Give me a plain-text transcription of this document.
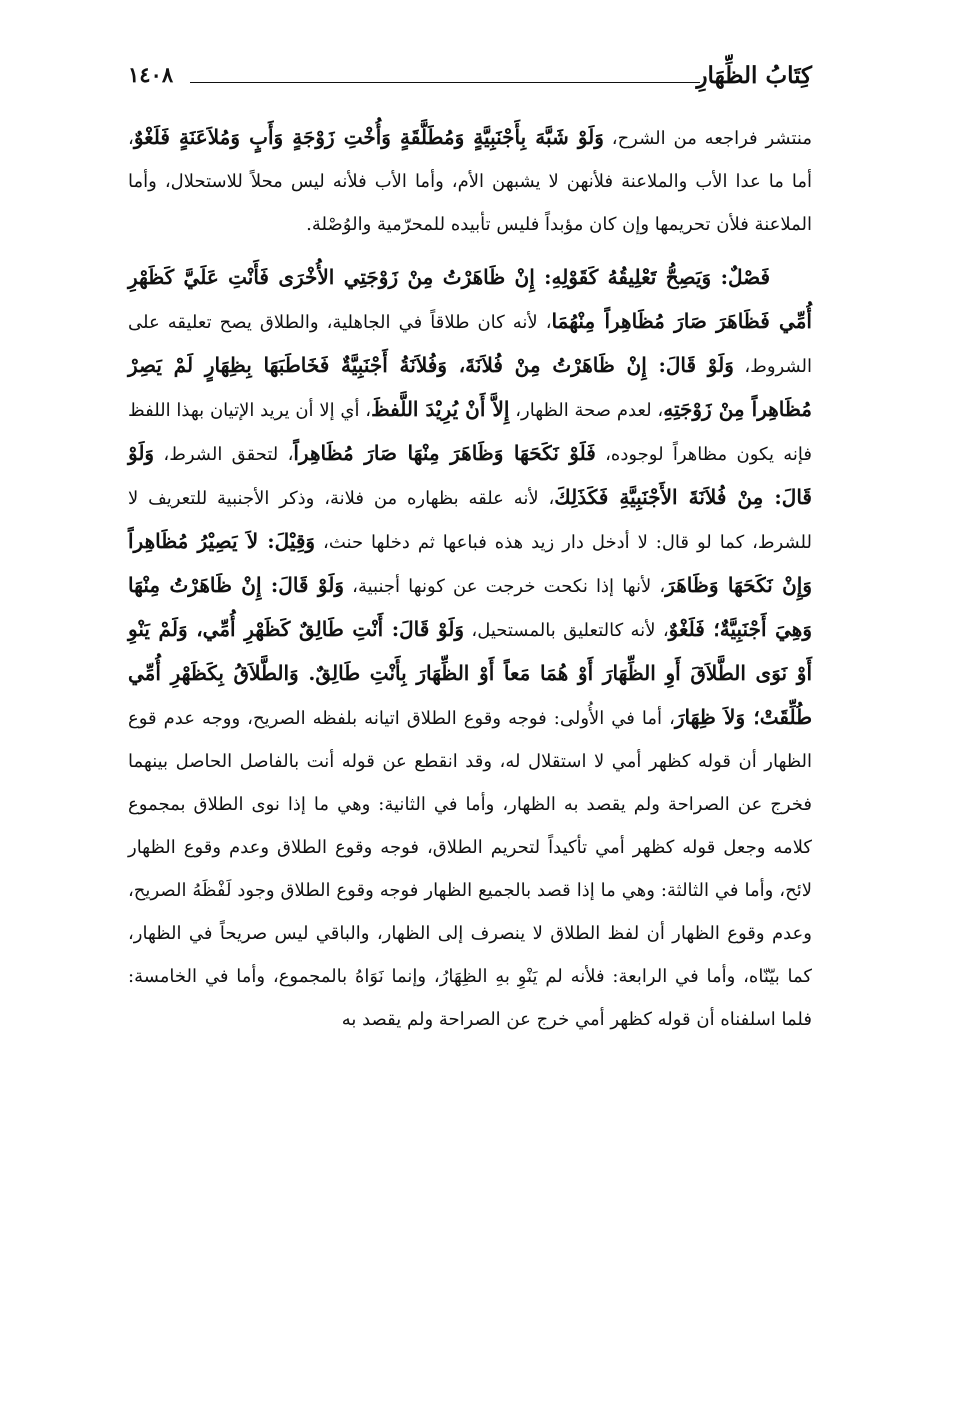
كِتَابُ الظِّهَارِ
١٤٠٨

منتشر فراجعه من الشرح، وَلَوْ شَبَّهَ بِأَجْنَبِيَّةٍ وَمُطَلَّقَةٍ وَأُخْتِ زَوْجَةٍ وَأَبٍ وَمُلاَعَنَةٍ فَلَغْوٌ، أما ما عدا الأب والملاعنة فلأنهن لا يشبهن الأم، وأما الأب فلأنه ليس محلاً للاستحلال، وأما الملاعنة فلأن تحريمها وإن كان مؤبداً فليس تأبيده للمحرّمية والوُصْلة.

فَصْلٌ: وَيَصِحُّ تَعْلِيقُهُ كَقَوْلِهِ: إِنْ ظَاهَرْتُ مِنْ زَوْجَتِي الأُخْرَى فَأَنْتِ عَلَيَّ كَظَهْرِ أُمِّي فَظَاهَرَ صَارَ مُظَاهِراً مِنْهُمَا، لأنه كان طلاقاً في الجاهلية، والطلاق يصح تعليقه على الشروط، وَلَوْ قَالَ: إِنْ ظَاهَرْتُ مِنْ فُلاَنَةَ، وَفُلاَنَةُ أَجْنَبِيَّةٌ فَخَاطَبَهَا بِظِهَارٍ لَمْ يَصِرْ مُظَاهِراً مِنْ زَوْجَتِهِ، لعدم صحة الظهار، إِلاَّ أَنْ يُرِيْدَ اللَّفظَ، أي إلا أن يريد الإتيان بهذا اللفظ فإنه يكون مظاهراً لوجوده، فَلَوْ نَكَحَهَا وَظَاهَرَ مِنْهَا صَارَ مُظَاهِراً، لتحقق الشرط، وَلَوْ قَالَ: مِنْ فُلاَنَةَ الأَجْنَبِيَّةِ فَكَذَلِكَ، لأنه علقه بظهاره من فلانة، وذكر الأجنبية للتعريف لا للشرط، كما لو قال: لا أدخل دار زيد هذه فباعها ثم دخلها حنث، وَقِيْلَ: لاَ يَصِيْرُ مُظَاهِراً وَإِنْ نَكَحَهَا وَظَاهَرَ، لأنها إذا نكحت خرجت عن كونها أجنبية، وَلَوْ قَالَ: إِنْ ظَاهَرْتُ مِنْهَا وَهِيَ أَجْنَبِيَّةٌ؛ فَلَغْوٌ، لأنه كالتعليق بالمستحيل، وَلَوْ قَالَ: أَنْتِ طَالِقٌ كَظَهْرِ أُمِّي، وَلَمْ يَنْوِ أَوْ نَوَى الطَّلاَقَ أَوِ الظِّهَارَ أَوْ هُمَا مَعاً أَوْ الظِّهَارَ بِأَنْتِ طَالِقٌ. وَالطَّلاَقُ بِكَظَهْرِ أُمِّي طُلِّقَتْ؛ وَلاَ ظِهَارَ، أما في الأُولى: فوجه وقوع الطلاق اتيانه بلفظه الصريح، ووجه عدم قوع الظهار أن قوله كظهر أمي لا استقلال له، وقد انقطع عن قوله أنت بالفاصل الحاصل بينهما فخرج عن الصراحة ولم يقصد به الظهار، وأما في الثانية: وهي ما إذا نوى الطلاق بمجموع كلامه وجعل قوله كظهر أمي تأكيداً لتحريم الطلاق، فوجه وقوع الطلاق وعدم وقوع الظهار لائح، وأما في الثالثة: وهي ما إذا قصد بالجميع الظهار فوجه وقوع الطلاق وجود لَفْظَهُ الصريح، وعدم وقوع الظهار أن لفظ الطلاق لا ينصرف إلى الظهار، والباقي ليس صريحاً في الظهار، كما بيّنّاه، وأما في الرابعة: فلأنه لم يَنْوِ بهِ الظِهَارُ، وإنما نَوَاهُ بالمجموع، وأما في الخامسة: فلما اسلفناه أن قوله كظهر أمي خرج عن الصراحة ولم يقصد به
